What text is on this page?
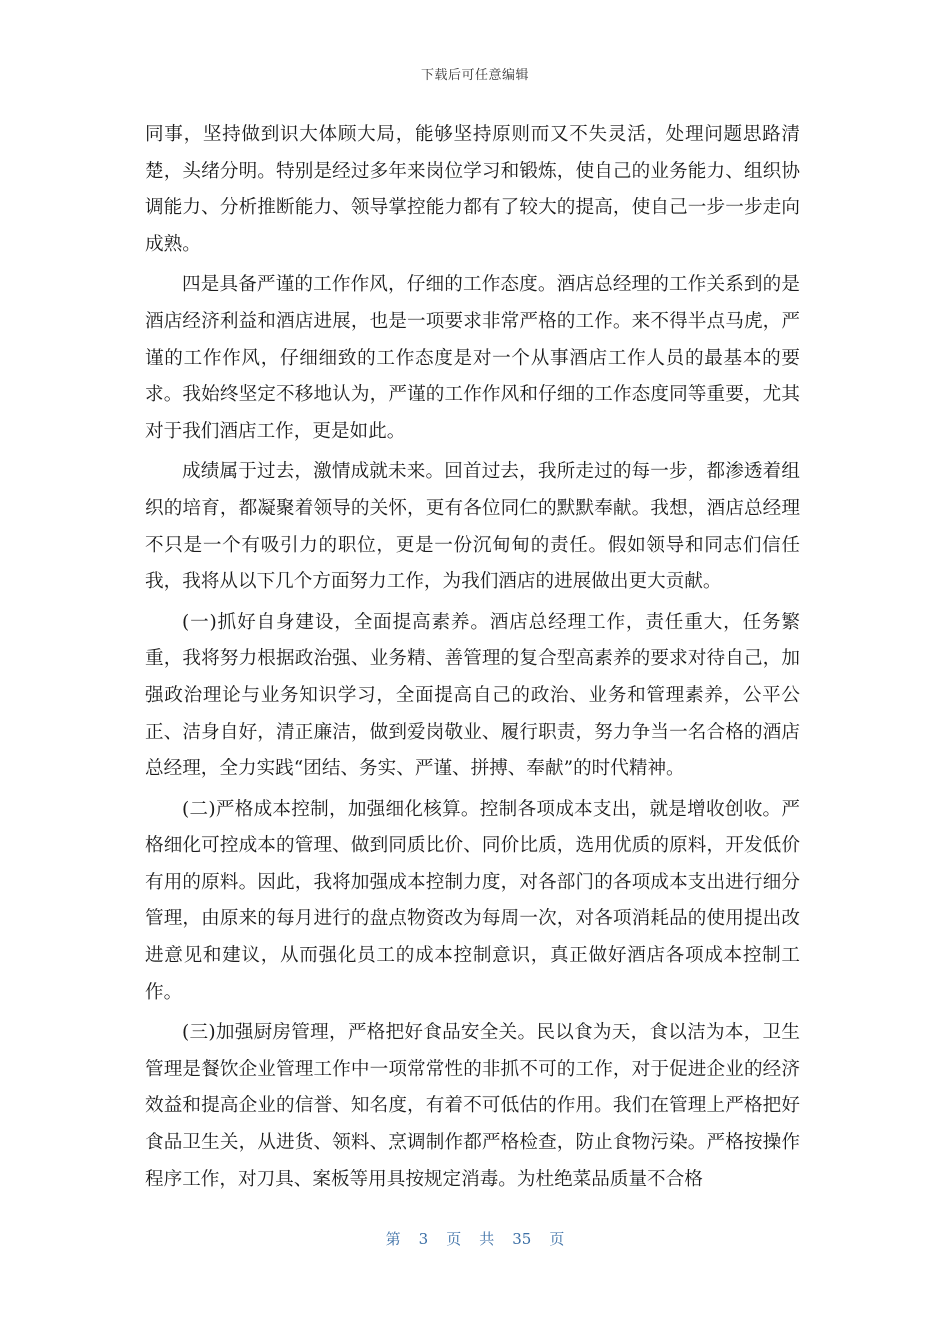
下载后可任意编辑

同事，坚持做到识大体顾大局，能够坚持原则而又不失灵活，处理问题思路清楚，头绪分明。特别是经过多年来岗位学习和锻炼，使自己的业务能力、组织协调能力、分析推断能力、领导掌控能力都有了较大的提高，使自己一步一步走向成熟。

四是具备严谨的工作作风，仔细的工作态度。酒店总经理的工作关系到的是酒店经济利益和酒店进展，也是一项要求非常严格的工作。来不得半点马虎，严谨的工作作风，仔细细致的工作态度是对一个从事酒店工作人员的最基本的要求。我始终坚定不移地认为，严谨的工作作风和仔细的工作态度同等重要，尤其对于我们酒店工作，更是如此。

成绩属于过去，激情成就未来。回首过去，我所走过的每一步，都渗透着组织的培育，都凝聚着领导的关怀，更有各位同仁的默默奉献。我想，酒店总经理不只是一个有吸引力的职位，更是一份沉甸甸的责任。假如领导和同志们信任我，我将从以下几个方面努力工作，为我们酒店的进展做出更大贡献。

(一)抓好自身建设，全面提高素养。酒店总经理工作，责任重大，任务繁重，我将努力根据政治强、业务精、善管理的复合型高素养的要求对待自己，加强政治理论与业务知识学习，全面提高自己的政治、业务和管理素养，公平公正、洁身自好，清正廉洁，做到爱岗敬业、履行职责，努力争当一名合格的酒店总经理，全力实践“团结、务实、严谨、拼搏、奉献”的时代精神。

(二)严格成本控制，加强细化核算。控制各项成本支出，就是增收创收。严格细化可控成本的管理、做到同质比价、同价比质，选用优质的原料，开发低价有用的原料。因此，我将加强成本控制力度，对各部门的各项成本支出进行细分管理，由原来的每月进行的盘点物资改为每周一次，对各项消耗品的使用提出改进意见和建议，从而强化员工的成本控制意识，真正做好酒店各项成本控制工作。

(三)加强厨房管理，严格把好食品安全关。民以食为天，食以洁为本，卫生管理是餐饮企业管理工作中一项常常性的非抓不可的工作，对于促进企业的经济效益和提高企业的信誉、知名度，有着不可低估的作用。我们在管理上严格把好食品卫生关，从进货、领料、烹调制作都严格检查，防止食物污染。严格按操作程序工作，对刀具、案板等用具按规定消毒。为杜绝菜品质量不合格

第 3 页 共 35 页
